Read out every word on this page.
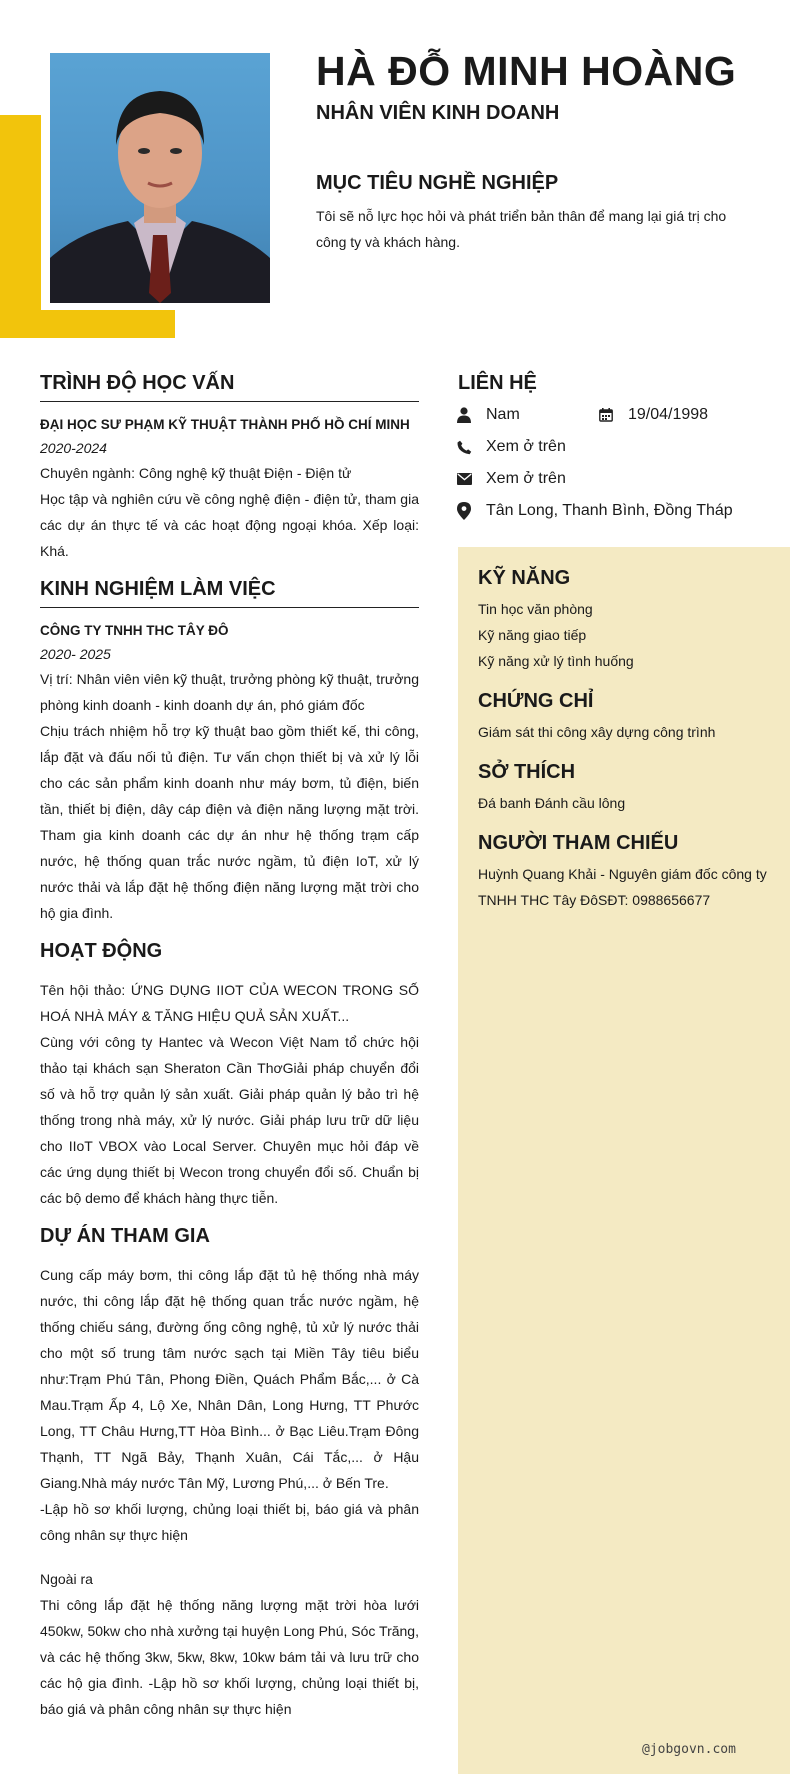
HÀ ĐỖ MINH HOÀNG
NHÂN VIÊN KINH DOANH
MỤC TIÊU NGHỀ NGHIỆP

Tôi sẽ nỗ lực học hỏi và phát triển bản thân để mang lại giá trị cho công ty và khách hàng.

TRÌNH ĐỘ HỌC VẤN

ĐẠI HỌC SƯ PHẠM KỸ THUẬT THÀNH PHỐ HỒ CHÍ MINH

2020-2024

Chuyên ngành: Công nghệ kỹ thuật Điện - Điện tử

Học tập và nghiên cứu về công nghệ điện - điện tử, tham gia các dự án thực tế và các hoạt động ngoại khóa. Xếp loại: Khá.

KINH NGHIỆM LÀM VIỆC

CÔNG TY TNHH THC TÂY ĐÔ

2020- 2025

Vị trí: Nhân viên viên kỹ thuật, trưởng phòng kỹ thuật, trưởng phòng kinh doanh - kinh doanh dự án, phó giám đốc

Chịu trách nhiệm hỗ trợ kỹ thuật bao gồm thiết kế, thi công, lắp đặt và đấu nối tủ điện. Tư vấn chọn thiết bị và xử lý lỗi cho các sản phẩm kinh doanh như máy bơm, tủ điện, biến tần, thiết bị điện, dây cáp điện và điện năng lượng mặt trời. Tham gia kinh doanh các dự án như hệ thống trạm cấp nước, hệ thống quan trắc nước ngầm, tủ điện IoT, xử lý nước thải và lắp đặt hệ thống điện năng lượng mặt trời cho hộ gia đình.

HOẠT ĐỘNG

Tên hội thảo: ỨNG DỤNG IIOT CỦA WECON TRONG SỐ HOÁ NHÀ MÁY & TĂNG HIỆU QUẢ SẢN XUẤT...

Cùng với công ty Hantec và Wecon Việt Nam tổ chức hội thảo tại khách sạn Sheraton Cần ThơGiải pháp chuyển đổi số và hỗ trợ quản lý sản xuất. Giải pháp quản lý bảo trì hệ thống trong nhà máy, xử lý nước. Giải pháp lưu trữ dữ liệu cho IIoT VBOX vào Local Server. Chuyên mục hỏi đáp về các ứng dụng thiết bị Wecon trong chuyển đổi số. Chuẩn bị các bộ demo để khách hàng thực tiễn.

DỰ ÁN THAM GIA

Cung cấp máy bơm, thi công lắp đặt tủ hệ thống nhà máy nước, thi công lắp đặt hệ thống quan trắc nước ngầm, hệ thống chiếu sáng, đường ống công nghệ, tủ xử lý nước thải cho một số trung tâm nước sạch tại Miền Tây tiêu biểu như:Trạm Phú Tân, Phong Điền, Quách Phẩm Bắc,... ở Cà Mau.Trạm Ấp 4, Lộ Xe, Nhân Dân, Long Hưng, TT Phước Long, TT Châu Hưng,TT Hòa Bình... ở Bạc Liêu.Trạm Đông Thạnh, TT Ngã Bảy, Thạnh Xuân, Cái Tắc,... ở Hậu Giang.Nhà máy nước Tân Mỹ, Lương Phú,... ở Bến Tre.

-Lập hồ sơ khối lượng, chủng loại thiết bị, báo giá và phân công nhân sự thực hiện

Ngoài ra

Thi công lắp đặt hệ thống năng lượng mặt trời hòa lưới 450kw, 50kw cho nhà xưởng tại huyện Long Phú, Sóc Trăng, và các hệ thống 3kw, 5kw, 8kw, 10kw bám tải và lưu trữ cho các hộ gia đình. -Lập hồ sơ khối lượng, chủng loại thiết bị, báo giá và phân công nhân sự thực hiện

LIÊN HỆ
Nam	19/04/1998
Xem ở trên
Xem ở trên
Tân Long, Thanh Bình, Đồng Tháp
KỸ NĂNG

Tin học văn phòng

Kỹ năng giao tiếp

Kỹ năng xử lý tình huống

CHỨNG CHỈ

Giám sát thi công xây dựng công trình

SỞ THÍCH

Đá banh Đánh cầu lông

NGƯỜI THAM CHIẾU

Huỳnh Quang Khải - Nguyên giám đốc công ty TNHH THC Tây ĐôSĐT: 0988656677

@jobgovn.com
